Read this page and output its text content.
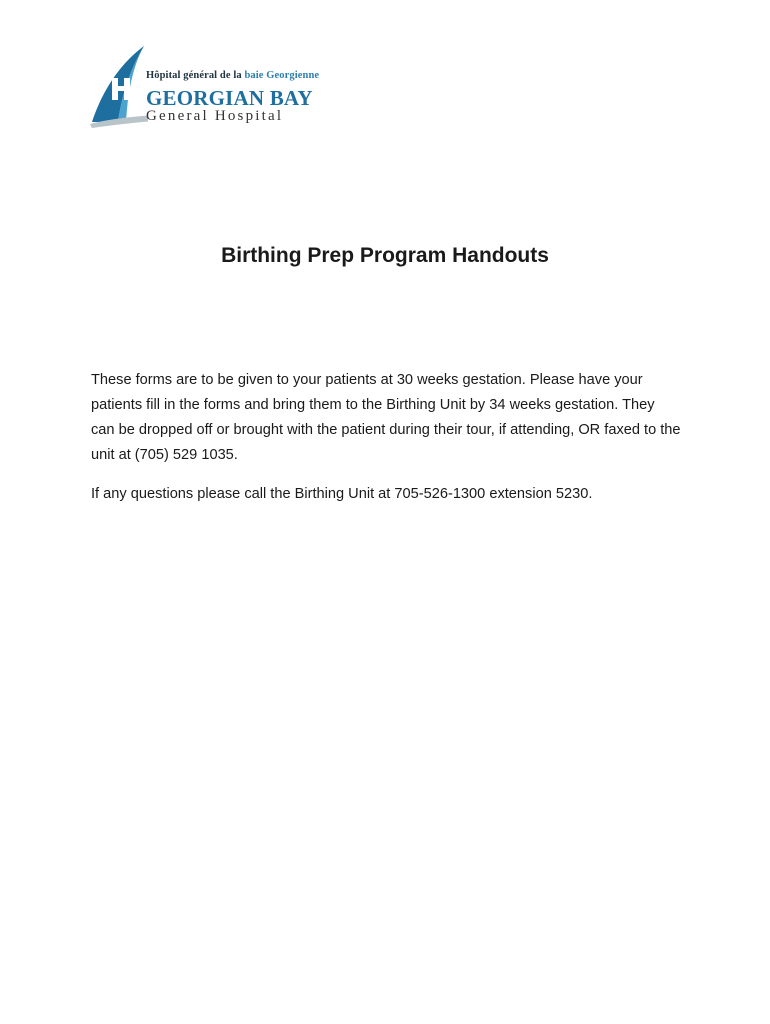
Hôpital général de la baie Georgienne
GEORGIAN BAY
General Hospital
Birthing Prep Program Handouts

These forms are to be given to your patients at 30 weeks gestation. Please have your patients fill in the forms and bring them to the Birthing Unit by 34 weeks gestation. They can be dropped off or brought with the patient during their tour, if attending, OR faxed to the unit at (705) 529 1035.

If any questions please call the Birthing Unit at 705-526-1300 extension 5230.
